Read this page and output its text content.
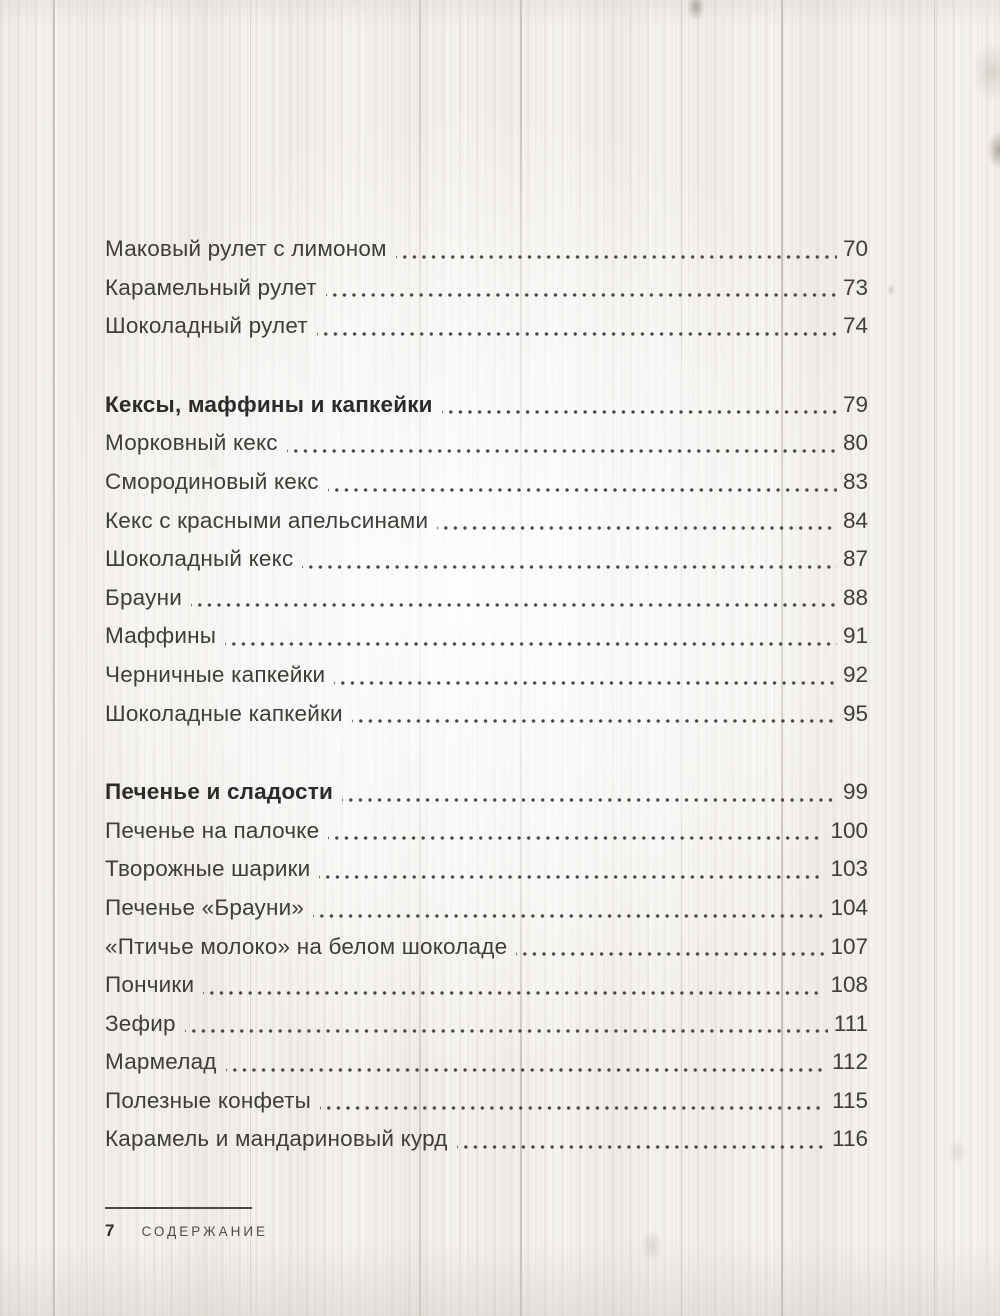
Маковый рулет с лимоном	70
Карамельный рулет	73
Шоколадный рулет	74
Кексы, маффины и капкейки	79
Морковный кекс	80
Смородиновый кекс	83
Кекс с красными апельсинами	84
Шоколадный кекс	87
Брауни	88
Маффины	91
Черничные капкейки	92
Шоколадные капкейки	95
Печенье и сладости	99
Печенье на палочке	100
Творожные шарики	103
Печенье «Брауни»	104
«Птичье молоко» на белом шоколаде	107
Пончики	108
Зефир	111
Мармелад	112
Полезные конфеты	115
Карамель и мандариновый курд	116
7 СОДЕРЖАНИЕ
